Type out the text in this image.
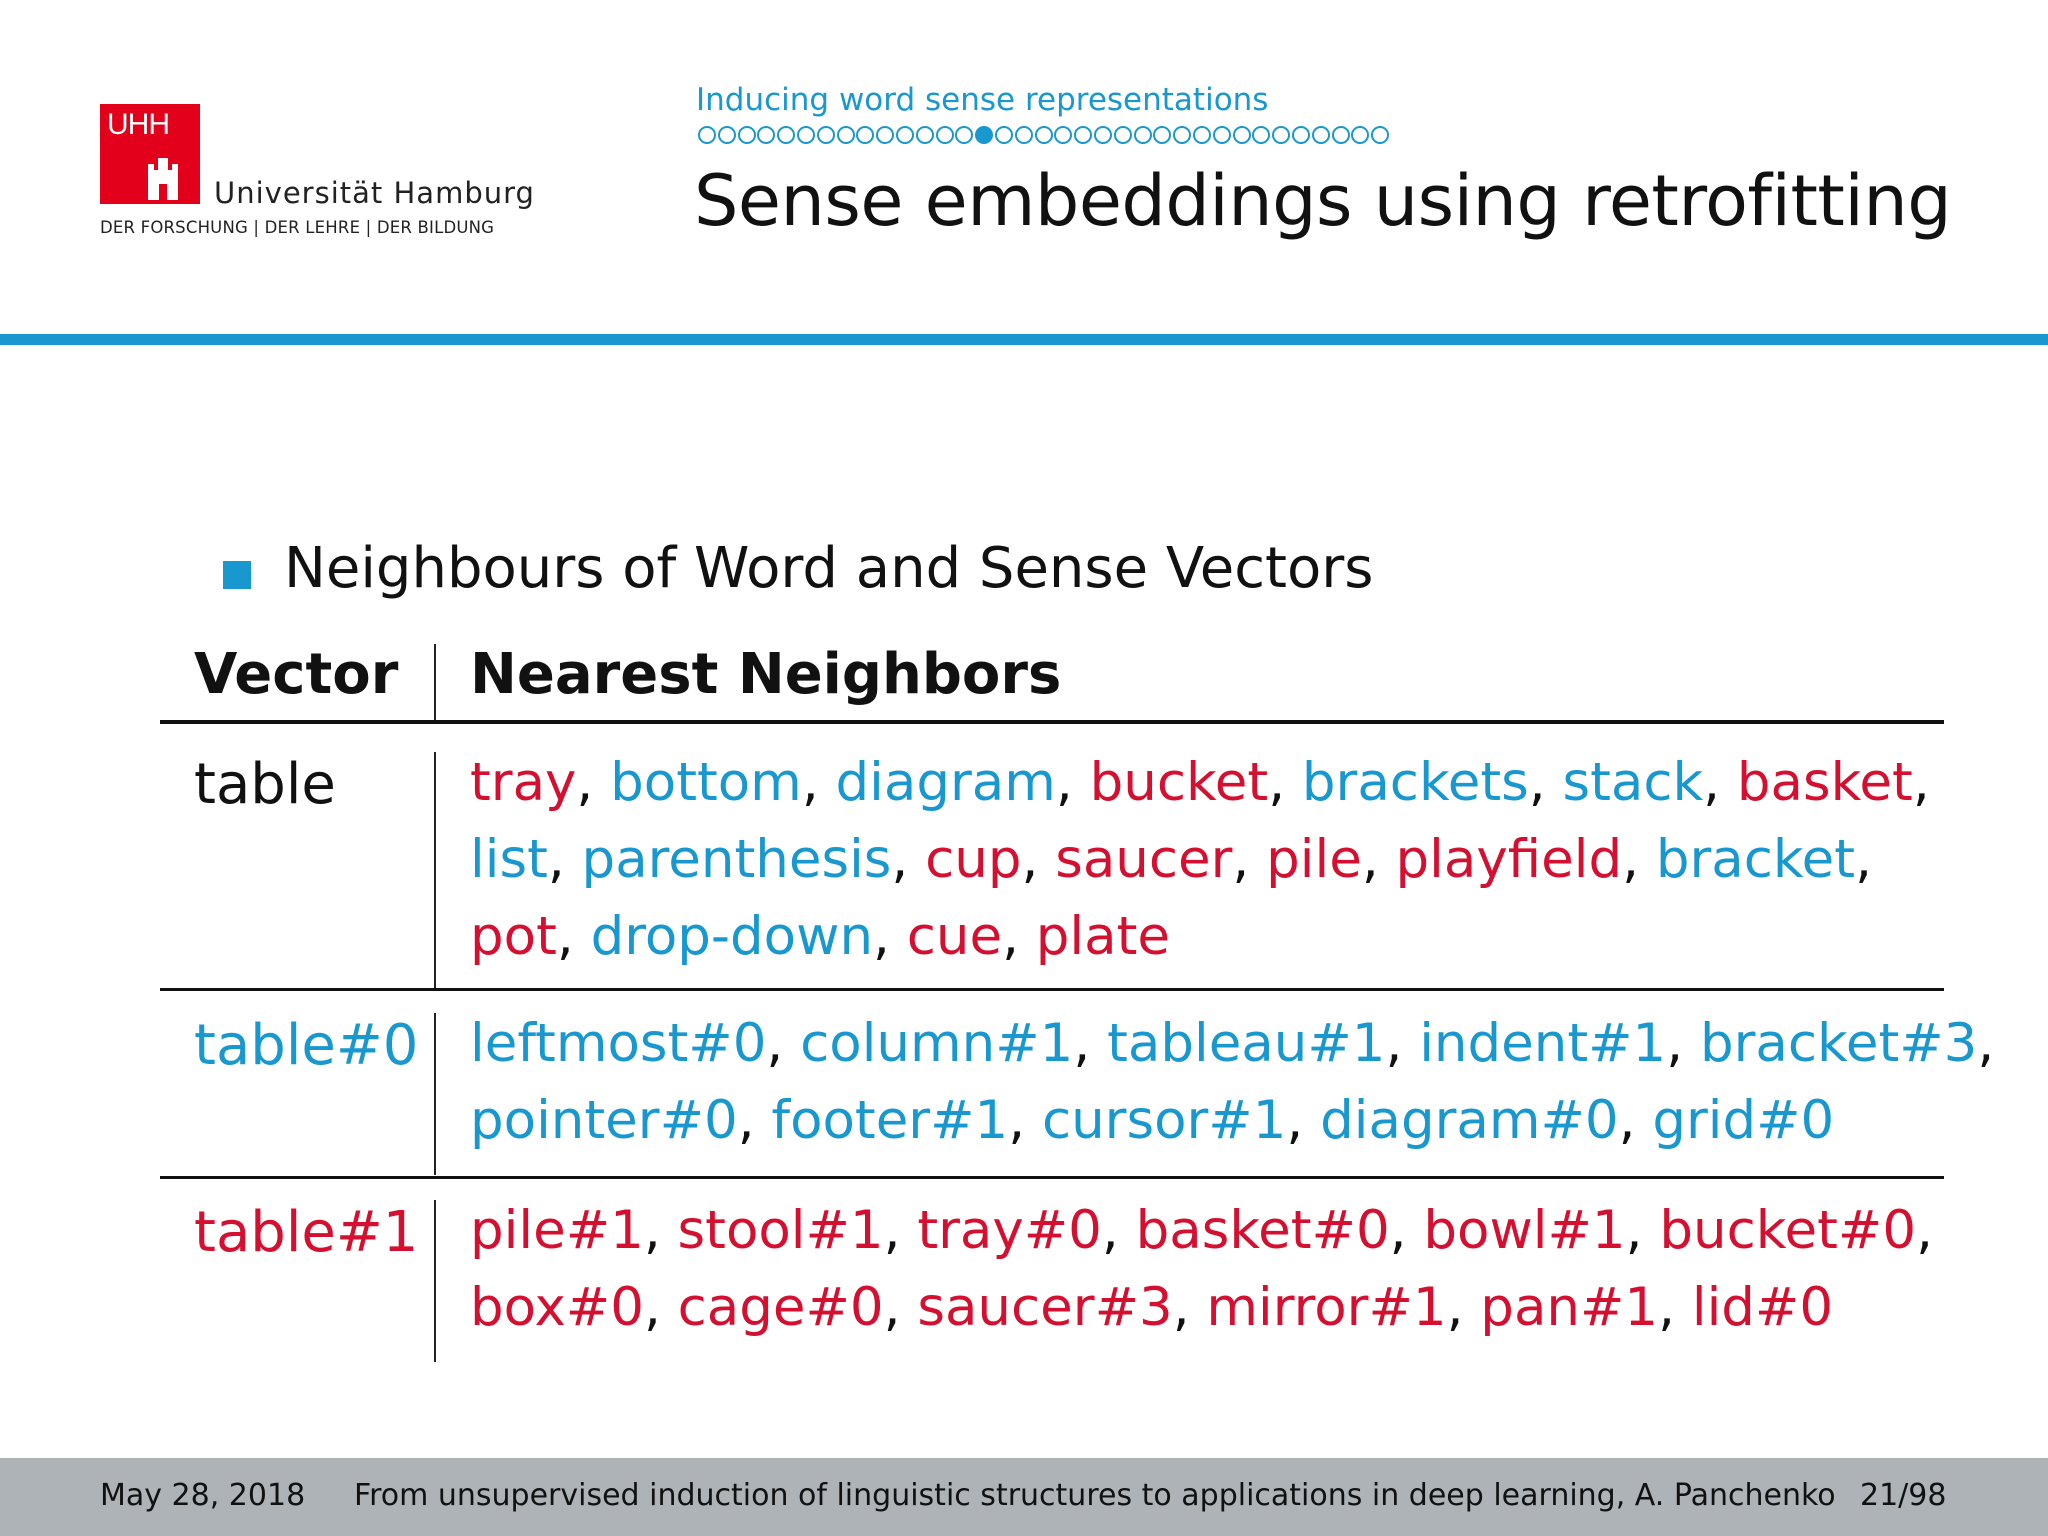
UHH
Universität Hamburg
DER FORSCHUNG | DER LEHRE | DER BILDUNG
Inducing word sense representations
Sense embeddings using retrofitting
Neighbours of Word and Sense Vectors
Vector Nearest Neighbors
table	tray, bottom, diagram, bucket, brackets, stack, basket,
list, parenthesis, cup, saucer, pile, playfield, bracket,
pot, drop-down, cue, plate
table#0 leftmost#0, column#1, tableau#1, indent#1, bracket#3,
pointer#0, footer#1, cursor#1, diagram#0, grid#0
table#1 pile#1, stool#1, tray#0, basket#0, bowl#1, bucket#0,
box#0, cage#0, saucer#3, mirror#1, pan#1, lid#0
May 28, 2018 From unsupervised induction of linguistic structures to applications in deep learning, A. Panchenko 21/98
